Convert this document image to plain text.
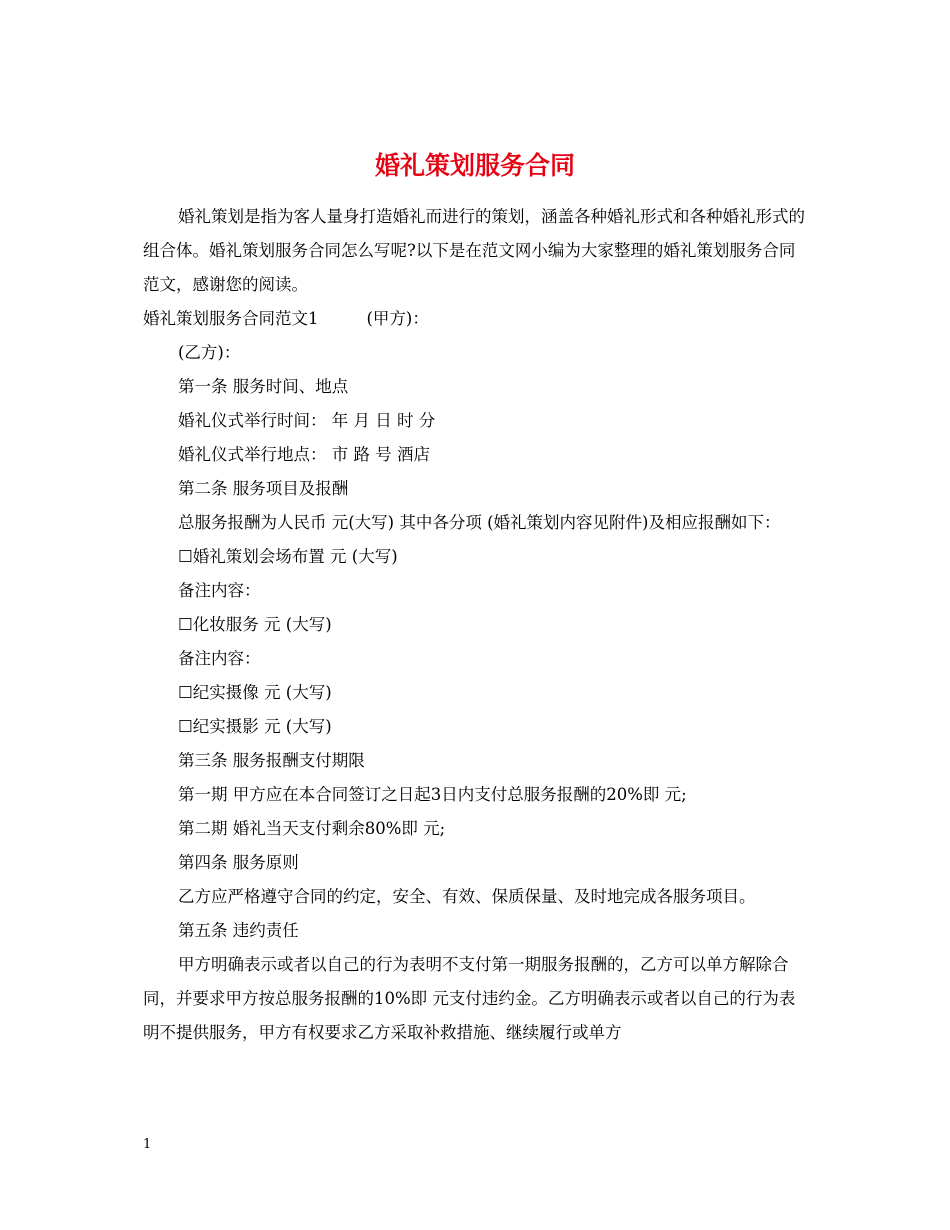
婚礼策划服务合同

婚礼策划是指为客人量身打造婚礼而进行的策划，涵盖各种婚礼形式和各种婚礼形式的组合体。婚礼策划服务合同怎么写呢?以下是在范文网小编为大家整理的婚礼策划服务合同范文，感谢您的阅读。

婚礼策划服务合同范文1	(甲方)：

(乙方)：

第一条 服务时间、地点

婚礼仪式举行时间： 年 月 日 时 分

婚礼仪式举行地点： 市 路 号 酒店

第二条 服务项目及报酬

总服务报酬为人民币 元(大写) 其中各分项 (婚礼策划内容见附件)及相应报酬如下：

☐婚礼策划会场布置 元 (大写)

备注内容：

☐化妆服务 元 (大写)

备注内容：

☐纪实摄像 元 (大写)

☐纪实摄影 元 (大写)

第三条 服务报酬支付期限

第一期 甲方应在本合同签订之日起3日内支付总服务报酬的20%即 元;

第二期 婚礼当天支付剩余80%即 元;

第四条 服务原则

乙方应严格遵守合同的约定，安全、有效、保质保量、及时地完成各服务项目。

第五条 违约责任

甲方明确表示或者以自己的行为表明不支付第一期服务报酬的，乙方可以单方解除合同，并要求甲方按总服务报酬的10%即 元支付违约金。乙方明确表示或者以自己的行为表明不提供服务，甲方有权要求乙方采取补救措施、继续履行或单方

1
